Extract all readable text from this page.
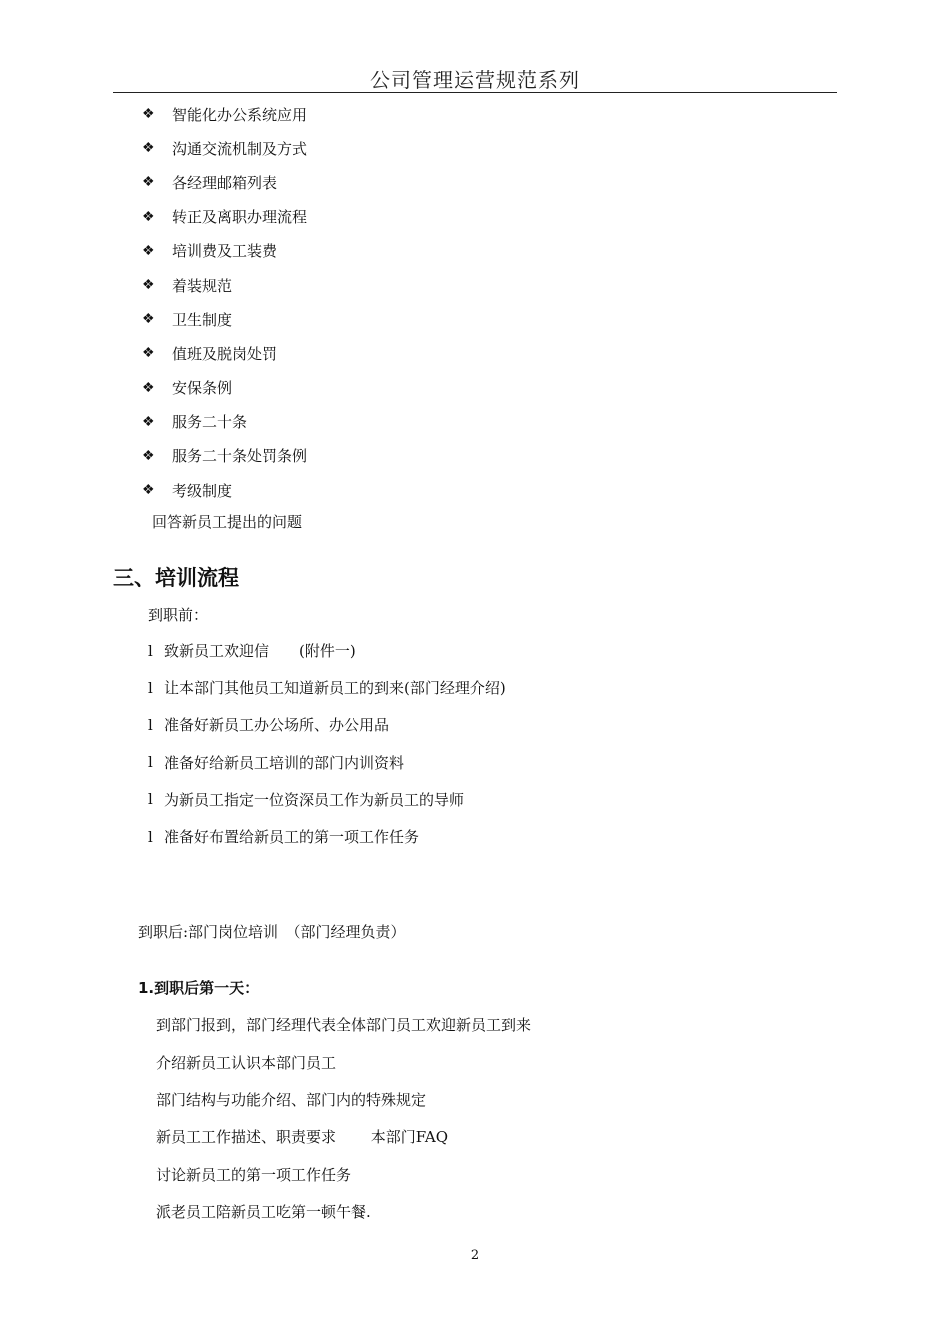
公司管理运营规范系列
❖	智能化办公系统应用
❖	沟通交流机制及方式
❖	各经理邮箱列表
❖	转正及离职办理流程
❖	培训费及工装费
❖	着装规范
❖	卫生制度
❖	值班及脱岗处罚
❖	安保条例
❖	服务二十条
❖	服务二十条处罚条例
❖	考级制度
回答新员工提出的问题
三、培训流程
到职前：
l 致新员工欢迎信　　(附件一)
l 让本部门其他员工知道新员工的到来(部门经理介绍)
l 准备好新员工办公场所、办公用品
l 准备好给新员工培训的部门内训资料
l 为新员工指定一位资深员工作为新员工的导师
l 准备好布置给新员工的第一项工作任务
到职后:部门岗位培训　（部门经理负责）
1.到职后第一天：
到部门报到，部门经理代表全体部门员工欢迎新员工到来
介绍新员工认识本部门员工
部门结构与功能介绍、部门内的特殊规定
新员工工作描述、职责要求　　 本部门FAQ
讨论新员工的第一项工作任务
派老员工陪新员工吃第一顿午餐.
2
